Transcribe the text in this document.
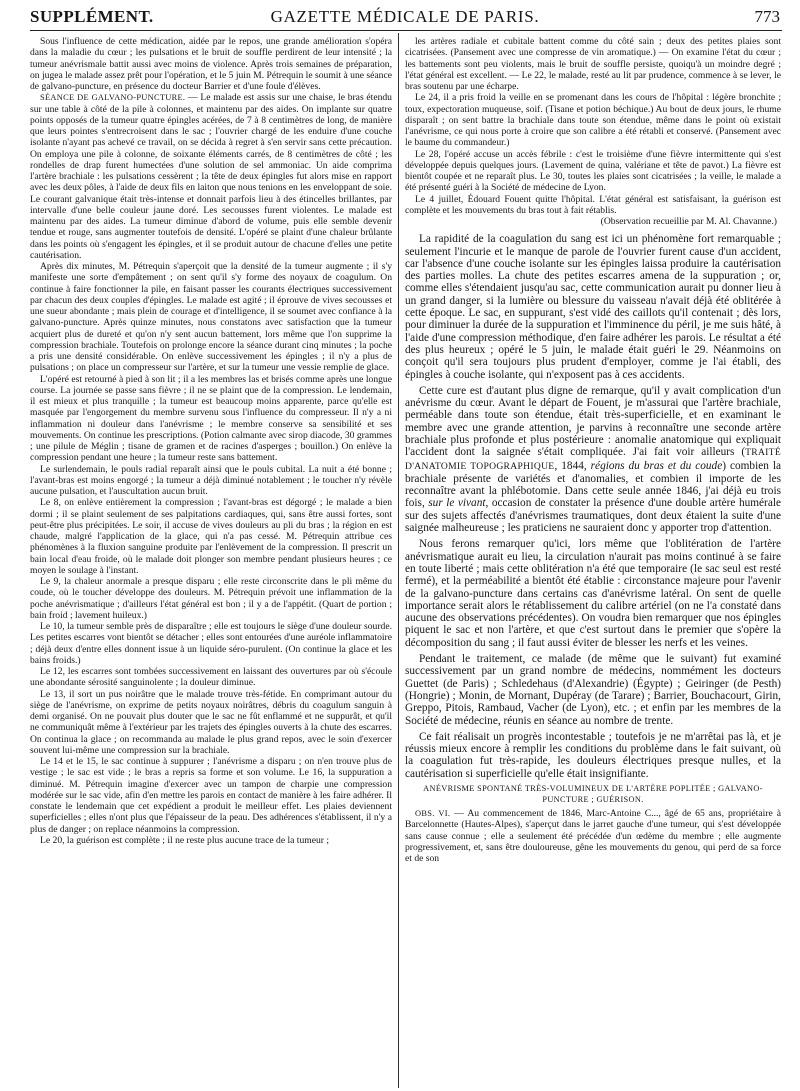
GAZETTE MÉDICALE DE PARIS.
SUPPLÉMENT.	773

Sous l'influence de cette médication, aidée par le repos, une grande amélioration s'opéra dans la maladie du cœur ; les pulsations et le bruit de souffle perdirent de leur intensité ; la tumeur anévrismale battit aussi avec moins de violence. Après trois semaines de préparation, on jugea le malade assez prêt pour l'opération, et le 5 juin M. Pétrequin le soumit à une séance de galvano-puncture, en présence du docteur Barrier et d'une foule d'élèves.

SÉANCE DE GALVANO-PUNCTURE. — Le malade est assis sur une chaise, le bras étendu sur une table à côté de la pile à colonnes, et maintenu par des aides. On implante sur quatre points opposés de la tumeur quatre épingles acérées, de 7 à 8 centimètres de long, de manière que leurs pointes s'entrecroisent dans le sac ; l'ouvrier chargé de les enduire d'une couche isolante n'ayant pas achevé ce travail, on se décida à regret à s'en servir sans cette précaution. On employa une pile à colonne, de soixante éléments carrés, de 8 centimètres de côté ; les rondelles de drap furent humectées d'une solution de sel ammoniac. Un aide comprima l'artère brachiale : les pulsations cessèrent ; la tête de deux épingles fut alors mise en rapport avec les deux pôles, à l'aide de deux fils en laiton que nous tenions en les enveloppant de soie. Le courant galvanique était très-intense et donnait parfois lieu à des étincelles brillantes, par intervalle d'une belle couleur jaune doré. Les secousses furent violentes. Le malade est maintenu par des aides. La tumeur diminue d'abord de volume, puis elle semble devenir tendue et rouge, sans augmenter toutefois de densité. L'opéré se plaint d'une chaleur brûlante dans les points où s'engagent les épingles, et il se produit autour de chacune d'elles une petite cautérisation.

Après dix minutes, M. Pétrequin s'aperçoit que la densité de la tumeur augmente ; il s'y manifeste une sorte d'empâtement ; on sent qu'il s'y forme des noyaux de coagulum. On continue à faire fonctionner la pile, en faisant passer les courants électriques successivement par chacun des deux couples d'épingles. Le malade est agité ; il éprouve de vives secousses et une sueur abondante ; mais plein de courage et d'intelligence, il se soumet avec confiance à la galvano-puncture. Après quinze minutes, nous constatons avec satisfaction que la tumeur acquiert plus de dureté et qu'on n'y sent aucun battement, lors même que l'on supprime la compression brachiale. Toutefois on prolonge encore la séance durant cinq minutes ; la poche a pris une densité considérable. On enlève successivement les épingles ; il n'y a plus de pulsations ; on place un compresseur sur l'artère, et sur la tumeur une vessie remplie de glace.

L'opéré est retourné à pied à son lit ; il a les membres las et brisés comme après une longue course. La journée se passe sans fièvre ; il ne se plaint que de la compression. Le lendemain, il est mieux et plus tranquille ; la tumeur est beaucoup moins apparente, parce qu'elle est masquée par l'engorgement du membre survenu sous l'influence du compresseur. Il n'y a ni inflammation ni douleur dans l'anévrisme ; le membre conserve sa sensibilité et ses mouvements. On continue les prescriptions. (Potion calmante avec sirop diacode, 30 grammes ; une pilule de Méglin ; tisane de gramen et de racines d'asperges ; bouillon.) On enlève la compression pendant une heure ; la tumeur reste sans battement.

Le surlendemain, le pouls radial reparaît ainsi que le pouls cubital. La nuit a été bonne ; l'avant-bras est moins engorgé ; la tumeur a déjà diminué notablement ; le toucher n'y révèle aucune pulsation, et l'auscultation aucun bruit.

Le 8, on enlève entièrement la compression ; l'avant-bras est dégorgé ; le malade a bien dormi ; il se plaint seulement de ses palpitations cardiaques, qui, sans être aussi fortes, sont peut-être plus précipitées. Le soir, il accuse de vives douleurs au pli du bras ; la région en est chaude, malgré l'application de la glace, qui n'a pas cessé. M. Pétrequin attribue ces phénomènes à la fluxion sanguine produite par l'enlèvement de la compression. Il prescrit un bain local d'eau froide, où le malade doit plonger son membre pendant plusieurs heures ; ce moyen le soulage à l'instant.

Le 9, la chaleur anormale a presque disparu ; elle reste circonscrite dans le pli même du coude, où le toucher développe des douleurs. M. Pétrequin prévoit une inflammation de la poche anévrismatique ; d'ailleurs l'état général est bon ; il y a de l'appétit. (Quart de portion ; bain froid ; lavement huileux.)

Le 10, la tumeur semble près de disparaître ; elle est toujours le siège d'une douleur sourde. Les petites escarres vont bientôt se détacher ; elles sont entourées d'une auréole inflammatoire ; déjà deux d'entre elles donnent issue à un liquide séro-purulent. (On continue la glace et les bains froids.)

Le 12, les escarres sont tombées successivement en laissant des ouvertures par où s'écoule une abondante sérosité sanguinolente ; la douleur diminue.

Le 13, il sort un pus noirâtre que le malade trouve très-fétide. En comprimant autour du siège de l'anévrisme, on exprime de petits noyaux noirâtres, débris du coagulum sanguin à demi organisé. On ne pouvait plus douter que le sac ne fût enflammé et ne suppurât, et qu'il ne communiquât même à l'extérieur par les trajets des épingles ouverts à la chute des escarres. On continua la glace ; on recommanda au malade le plus grand repos, avec le soin d'exercer souvent lui-même une compression sur la brachiale.

Le 14 et le 15, le sac continue à suppurer ; l'anévrisme a disparu ; on n'en trouve plus de vestige ; le sac est vide ; le bras a repris sa forme et son volume. Le 16, la suppuration a diminué. M. Pétrequin imagine d'exercer avec un tampon de charpie une compression modérée sur le sac vide, afin d'en mettre les parois en contact de manière à les faire adhérer. Il constate le lendemain que cet expédient a produit le meilleur effet. Les plaies deviennent superficielles ; elles n'ont plus que l'épaisseur de la peau. Des adhérences s'établissent, il n'y a plus de danger ; on replace néanmoins la compression.

Le 20, la guérison est complète ; il ne reste plus aucune trace de la tumeur ;

les artères radiale et cubitale battent comme du côté sain ; deux des petites plaies sont cicatrisées. (Pansement avec une compresse de vin aromatique.) — On examine l'état du cœur ; les battements sont peu violents, mais le bruit de souffle persiste, quoiqu'à un moindre degré ; l'état général est excellent. — Le 22, le malade, resté au lit par prudence, commence à se lever, le bras soutenu par une écharpe.

Le 24, il a pris froid la veille en se promenant dans les cours de l'hôpital : légère bronchite ; toux, expectoration muqueuse, soif. (Tisane et potion béchique.) Au bout de deux jours, le rhume disparaît ; on sent battre la brachiale dans toute son étendue, même dans le point où existait l'anévrisme, ce qui nous porte à croire que son calibre a été rétabli et conservé. (Pansement avec le baume du commandeur.)

Le 28, l'opéré accuse un accès fébrile : c'est le troisième d'une fièvre intermittente qui s'est développée depuis quelques jours. (Lavement de quina, valériane et tête de pavot.) La fièvre est bientôt coupée et ne reparaît plus. Le 30, toutes les plaies sont cicatrisées ; la veille, le malade a été présenté guéri à la Société de médecine de Lyon.

Le 4 juillet, Édouard Fouent quitte l'hôpital. L'état général est satisfaisant, la guérison est complète et les mouvements du bras tout à fait rétablis.

(Observation recueillie par M. Al. Chavanne.)

La rapidité de la coagulation du sang est ici un phénomène fort remarquable ; seulement l'incurie et le manque de parole de l'ouvrier furent cause d'un accident, car l'absence d'une couche isolante sur les épingles laissa produire la cautérisation des parties molles. La chute des petites escarres amena de la suppuration ; or, comme elles s'étendaient jusqu'au sac, cette communication aurait pu donner lieu à un grand danger, si la lumière ou blessure du vaisseau n'avait déjà été oblitérée à cette époque. Le sac, en suppurant, s'est vidé des caillots qu'il contenait ; dès lors, pour diminuer la durée de la suppuration et l'imminence du péril, je me suis hâté, à l'aide d'une compression méthodique, d'en faire adhérer les parois. Le résultat a été des plus heureux ; opéré le 5 juin, le malade était guéri le 29. Néanmoins on conçoit qu'il sera toujours plus prudent d'employer, comme je l'ai établi, des épingles à couche isolante, qui n'exposent pas à ces accidents.

Cette cure est d'autant plus digne de remarque, qu'il y avait complication d'un anévrisme du cœur. Avant le départ de Fouent, je m'assurai que l'artère brachiale, perméable dans toute son étendue, était très-superficielle, et en examinant le membre avec une grande attention, je parvins à reconnaître une seconde artère brachiale plus profonde et plus postérieure : anomalie anatomique qui expliquait l'accident dont la saignée s'était compliquée. J'ai fait voir ailleurs (TRAITÉ D'ANATOMIE TOPOGRAPHIQUE, 1844, régions du bras et du coude) combien la brachiale présente de variétés et d'anomalies, et combien il importe de les reconnaître avant la phlébotomie. Dans cette seule année 1846, j'ai déjà eu trois fois, sur le vivant, occasion de constater la présence d'une double artère humérale sur des sujets affectés d'anévrismes traumatiques, dont deux étaient la suite d'une saignée malheureuse ; les praticiens ne sauraient donc y apporter trop d'attention.

Nous ferons remarquer qu'ici, lors même que l'oblitération de l'artère anévrismatique aurait eu lieu, la circulation n'aurait pas moins continué à se faire en toute liberté ; mais cette oblitération n'a été que temporaire (le sac seul est resté fermé), et la perméabilité a bientôt été établie : circonstance majeure pour l'avenir de la galvano-puncture dans certains cas d'anévrisme latéral. On sent de quelle importance serait alors le rétablissement du calibre artériel (on ne l'a constaté dans aucune des observations précédentes). On voudra bien remarquer que nos épingles piquent le sac et non l'artère, et que c'est surtout dans le premier que s'opère la décomposition du sang ; il faut aussi éviter de blesser les nerfs et les veines.

Pendant le traitement, ce malade (de même que le suivant) fut examiné successivement par un grand nombre de médecins, nommément les docteurs Guettet (de Paris) ; Schledehaus (d'Alexandrie) (Égypte) ; Geiringer (de Pesth) (Hongrie) ; Monin, de Mornant, Dupéray (de Tarare) ; Barrier, Bouchacourt, Girin, Greppo, Pitois, Rambaud, Vacher (de Lyon), etc. ; et enfin par les membres de la Société de médecine, réunis en séance au nombre de trente.

Ce fait réalisait un progrès incontestable ; toutefois je ne m'arrêtai pas là, et je réussis mieux encore à remplir les conditions du problème dans le fait suivant, où la coagulation fut très-rapide, les douleurs électriques presque nulles, et la cautérisation si superficielle qu'elle était insignifiante.

ANÉVRISME SPONTANÉ TRÈS-VOLUMINEUX DE L'ARTÈRE POPLITÉE ; GALVANO-PUNCTURE ; GUÉRISON.

OBS. VI. — Au commencement de 1846, Marc-Antoine C..., âgé de 65 ans, propriétaire à Barcelonnette (Hautes-Alpes), s'aperçut dans le jarret gauche d'une tumeur, qui s'est développée sans cause connue ; elle a seulement été précédée d'un œdème du membre ; elle augmente progressivement, et, sans être douloureuse, gêne les mouvements du genou, qui perd de sa force et de son
